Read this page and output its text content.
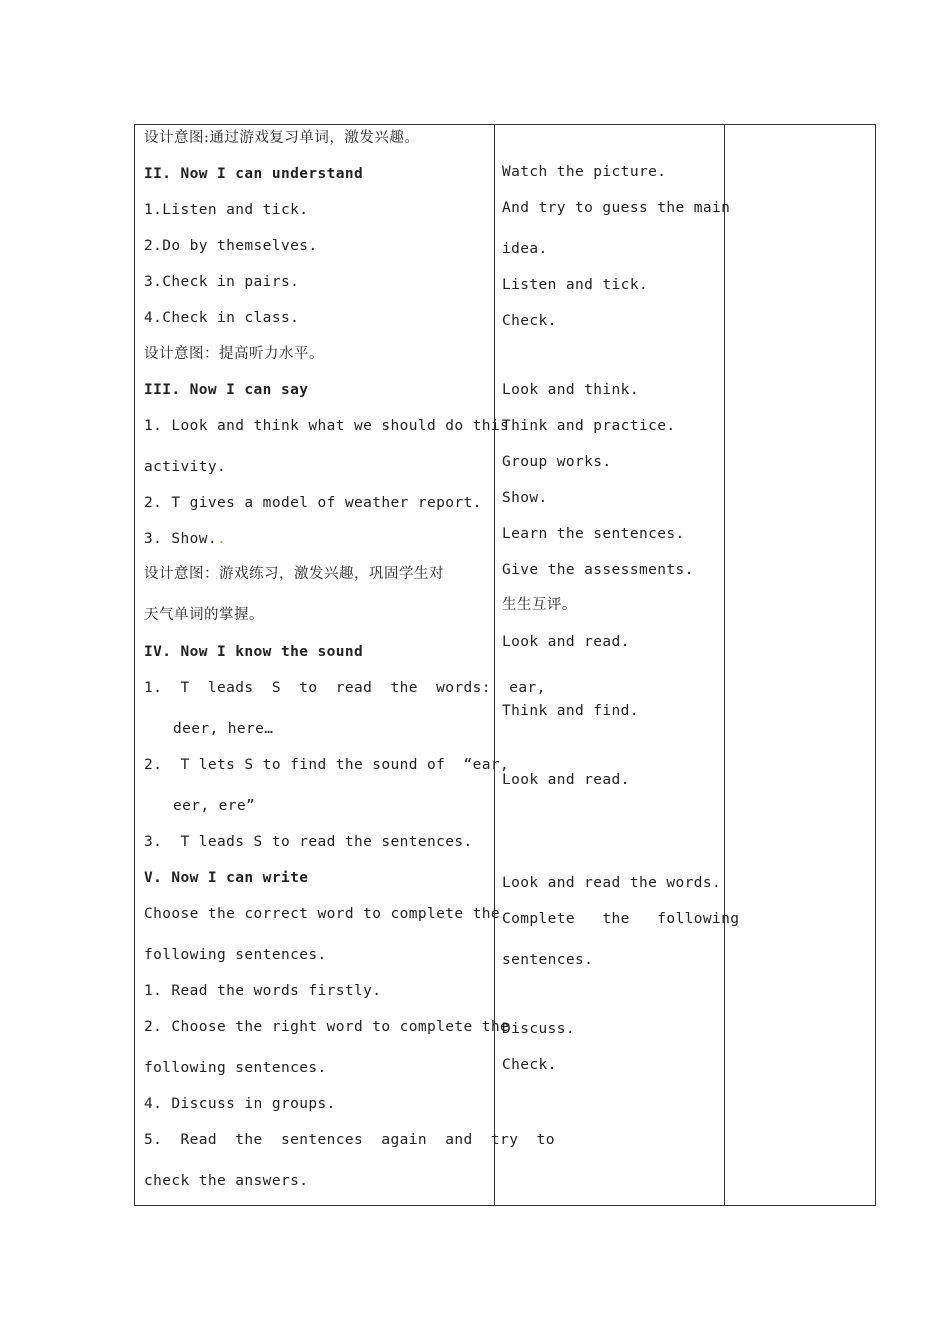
设计意图:通过游戏复习单词，激发兴趣。
II. Now I can understand
1.Listen and tick.
2.Do by themselves.
3.Check in pairs.
4.Check in class.
设计意图：提高听力水平。
III. Now I can say
1. Look and think what we should do this
activity.
2. T gives a model of weather report.
3. Show..
设计意图：游戏练习，激发兴趣，巩固学生对
天气单词的掌握。
IV. Now I know the sound
1.  T  leads  S  to  read  the  words:  ear,
deer, here…
2.  T lets S to find the sound of  “ear,
eer, ere”
3.  T leads S to read the sentences.
V. Now I can write
Choose the correct word to complete the
following sentences.
1. Read the words firstly.
2. Choose the right word to complete the
following sentences.
4. Discuss in groups.
5.  Read  the  sentences  again  and  try  to
check the answers.
Watch the picture.
And try to guess the main
idea.
Listen and tick.
Check.
Look and think.
Think and practice.
Group works.
Show.
Learn the sentences.
Give the assessments.
生生互评。
Look and read.
Think and find.
Look and read.
Look and read the words.
Complete   the   following
sentences.
Discuss.
Check.
